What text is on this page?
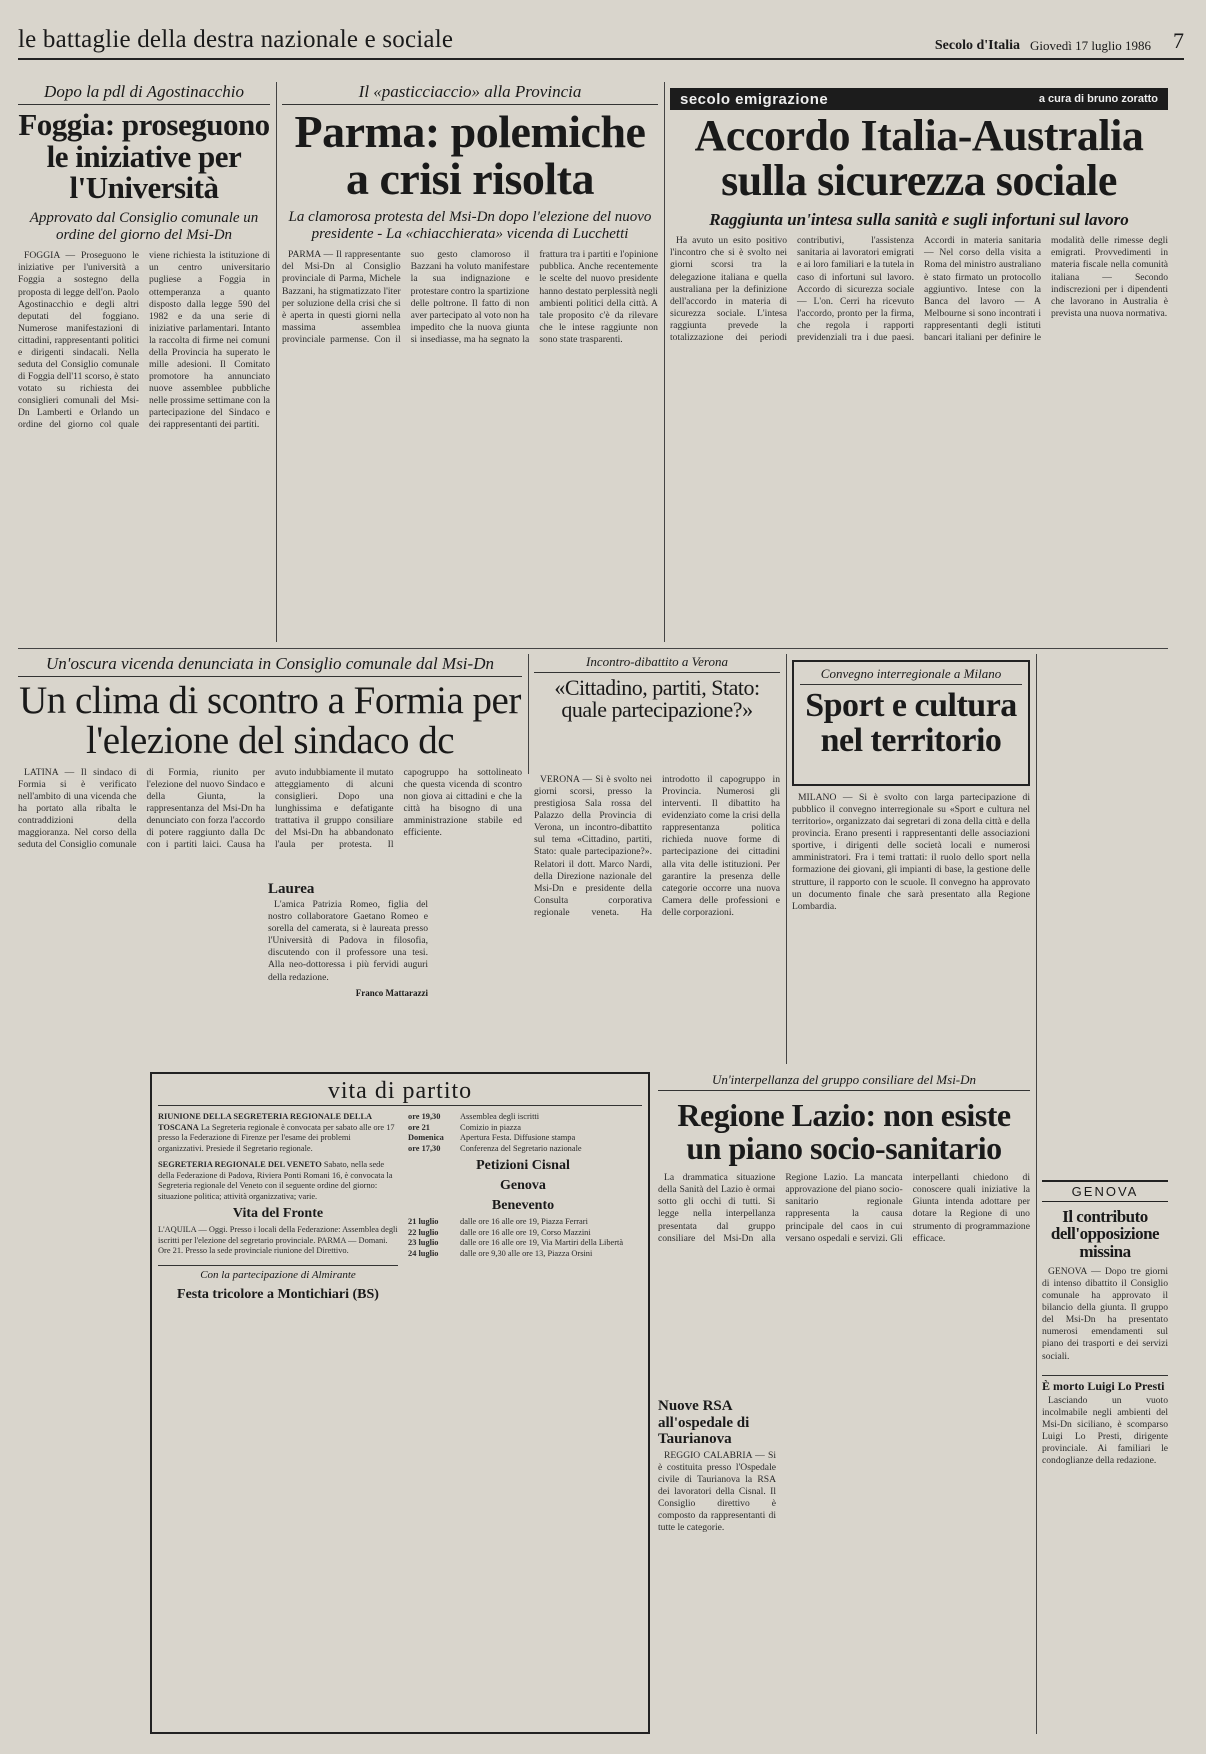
le battaglie della destra nazionale e sociale	Secolo d'Italia Giovedì 17 luglio 1986 7
Dopo la pdl di Agostinacchio
Foggia: proseguono le iniziative per l'Università
Approvato dal Consiglio comunale un ordine del giorno del Msi-Dn

FOGGIA — Proseguono le iniziative per l'università a Foggia a sostegno della proposta di legge dell'on. Paolo Agostinacchio e degli altri deputati del foggiano. Numerose manifestazioni di cittadini, rappresentanti politici e dirigenti sindacali. Nella seduta del Consiglio comunale di Foggia dell'11 scorso, è stato votato su richiesta dei consiglieri comunali del Msi-Dn Lamberti e Orlando un ordine del giorno col quale viene richiesta la istituzione di un centro universitario pugliese a Foggia in ottemperanza a quanto disposto dalla legge 590 del 1982 e da una serie di iniziative parlamentari. Intanto la raccolta di firme nei comuni della Provincia ha superato le mille adesioni. Il Comitato promotore ha annunciato nuove assemblee pubbliche nelle prossime settimane con la partecipazione del Sindaco e dei rappresentanti dei partiti.

Il «pasticciaccio» alla Provincia
Parma: polemiche a crisi risolta
La clamorosa protesta del Msi-Dn dopo l'elezione del nuovo presidente - La «chiacchierata» vicenda di Lucchetti

PARMA — Il rappresentante del Msi-Dn al Consiglio provinciale di Parma, Michele Bazzani, ha stigmatizzato l'iter per soluzione della crisi che si è aperta in questi giorni nella massima assemblea provinciale parmense. Con il suo gesto clamoroso il Bazzani ha voluto manifestare la sua indignazione e protestare contro la spartizione delle poltrone. Il fatto di non aver partecipato al voto non ha impedito che la nuova giunta si insediasse, ma ha segnato la frattura tra i partiti e l'opinione pubblica. Anche recentemente le scelte del nuovo presidente hanno destato perplessità negli ambienti politici della città. A tale proposito c'è da rilevare che le intese raggiunte non sono state trasparenti.

secolo emigrazione	a cura di bruno zoratto
Accordo Italia-Australia sulla sicurezza sociale
Raggiunta un'intesa sulla sanità e sugli infortuni sul lavoro

Ha avuto un esito positivo l'incontro che si è svolto nei giorni scorsi tra la delegazione italiana e quella australiana per la definizione dell'accordo in materia di sicurezza sociale. L'intesa raggiunta prevede la totalizzazione dei periodi contributivi, l'assistenza sanitaria ai lavoratori emigrati e ai loro familiari e la tutela in caso di infortuni sul lavoro. Accordo di sicurezza sociale — L'on. Cerri ha ricevuto l'accordo, pronto per la firma, che regola i rapporti previdenziali tra i due paesi. Accordi in materia sanitaria — Nel corso della visita a Roma del ministro australiano è stato firmato un protocollo aggiuntivo. Intese con la Banca del lavoro — A Melbourne si sono incontrati i rappresentanti degli istituti bancari italiani per definire le modalità delle rimesse degli emigrati. Provvedimenti in materia fiscale nella comunità italiana — Secondo indiscrezioni per i dipendenti che lavorano in Australia è prevista una nuova normativa.

Un'oscura vicenda denunciata in Consiglio comunale dal Msi-Dn
Un clima di scontro a Formia per l'elezione del sindaco dc

LATINA — Il sindaco di Formia si è verificato nell'ambito di una vicenda che ha portato alla ribalta le contraddizioni della maggioranza. Nel corso della seduta del Consiglio comunale di Formia, riunito per l'elezione del nuovo Sindaco e della Giunta, la rappresentanza del Msi-Dn ha denunciato con forza l'accordo di potere raggiunto dalla Dc con i partiti laici. Causa ha avuto indubbiamente il mutato atteggiamento di alcuni consiglieri. Dopo una lunghissima e defatigante trattativa il gruppo consiliare del Msi-Dn ha abbandonato l'aula per protesta. Il capogruppo ha sottolineato che questa vicenda di scontro non giova ai cittadini e che la città ha bisogno di una amministrazione stabile ed efficiente.

Laurea

L'amica Patrizia Romeo, figlia del nostro collaboratore Gaetano Romeo e sorella del camerata, si è laureata presso l'Università di Padova in filosofia, discutendo con il professore una tesi. Alla neo-dottoressa i più fervidi auguri della redazione.

Franco Mattarazzi
Incontro-dibattito a Verona
«Cittadino, partiti, Stato: quale partecipazione?»

VERONA — Si è svolto nei giorni scorsi, presso la prestigiosa Sala rossa del Palazzo della Provincia di Verona, un incontro-dibattito sul tema «Cittadino, partiti, Stato: quale partecipazione?». Relatori il dott. Marco Nardi, della Direzione nazionale del Msi-Dn e presidente della Consulta corporativa regionale veneta. Ha introdotto il capogruppo in Provincia. Numerosi gli interventi. Il dibattito ha evidenziato come la crisi della rappresentanza politica richieda nuove forme di partecipazione dei cittadini alla vita delle istituzioni. Per garantire la presenza delle categorie occorre una nuova Camera delle professioni e delle corporazioni.

Convegno interregionale a Milano
Sport e cultura nel territorio

MILANO — Si è svolto con larga partecipazione di pubblico il convegno interregionale su «Sport e cultura nel territorio», organizzato dai segretari di zona della città e della provincia. Erano presenti i rappresentanti delle associazioni sportive, i dirigenti delle società locali e numerosi amministratori. Fra i temi trattati: il ruolo dello sport nella formazione dei giovani, gli impianti di base, la gestione delle strutture, il rapporto con le scuole. Il convegno ha approvato un documento finale che sarà presentato alla Regione Lombardia.

vita di partito
RIUNIONE DELLA SEGRETERIA REGIONALE DELLA TOSCANA La Segreteria regionale è convocata per sabato alle ore 17 presso la Federazione di Firenze per l'esame dei problemi organizzativi. Presiede il Segretario regionale.
SEGRETERIA REGIONALE DEL VENETO Sabato, nella sede della Federazione di Padova, Riviera Ponti Romani 16, è convocata la Segreteria regionale del Veneto con il seguente ordine del giorno: situazione politica; attività organizzativa; varie.
Vita del Fronte
L'AQUILA — Oggi. Presso i locali della Federazione: Assemblea degli iscritti per l'elezione del segretario provinciale. PARMA — Domani. Ore 21. Presso la sede provinciale riunione del Direttivo.
Con la partecipazione di Almirante
Festa tricolore a Montichiari (BS)
ore 19,30	Assemblea degli iscritti
ore 21	Comizio in piazza
Domenica	Apertura Festa. Diffusione stampa
ore 17,30	Conferenza del Segretario nazionale
Petizioni Cisnal
Genova
Benevento
21 luglio	dalle ore 16 alle ore 19, Piazza Ferrari
22 luglio	dalle ore 16 alle ore 19, Corso Mazzini
23 luglio	dalle ore 16 alle ore 19, Via Martiri della Libertà
24 luglio	dalle ore 9,30 alle ore 13, Piazza Orsini
Un'interpellanza del gruppo consiliare del Msi-Dn
Regione Lazio: non esiste un piano socio-sanitario

La drammatica situazione della Sanità del Lazio è ormai sotto gli occhi di tutti. Si legge nella interpellanza presentata dal gruppo consiliare del Msi-Dn alla Regione Lazio. La mancata approvazione del piano socio-sanitario regionale rappresenta la causa principale del caos in cui versano ospedali e servizi. Gli interpellanti chiedono di conoscere quali iniziative la Giunta intenda adottare per dotare la Regione di uno strumento di programmazione efficace.

Nuove RSA all'ospedale di Taurianova

REGGIO CALABRIA — Si è costituita presso l'Ospedale civile di Taurianova la RSA dei lavoratori della Cisnal. Il Consiglio direttivo è composto da rappresentanti di tutte le categorie.

GENOVA
Il contributo dell'opposizione missina

GENOVA — Dopo tre giorni di intenso dibattito il Consiglio comunale ha approvato il bilancio della giunta. Il gruppo del Msi-Dn ha presentato numerosi emendamenti sul piano dei trasporti e dei servizi sociali.

È morto Luigi Lo Presti

Lasciando un vuoto incolmabile negli ambienti del Msi-Dn siciliano, è scomparso Luigi Lo Presti, dirigente provinciale. Ai familiari le condoglianze della redazione.
